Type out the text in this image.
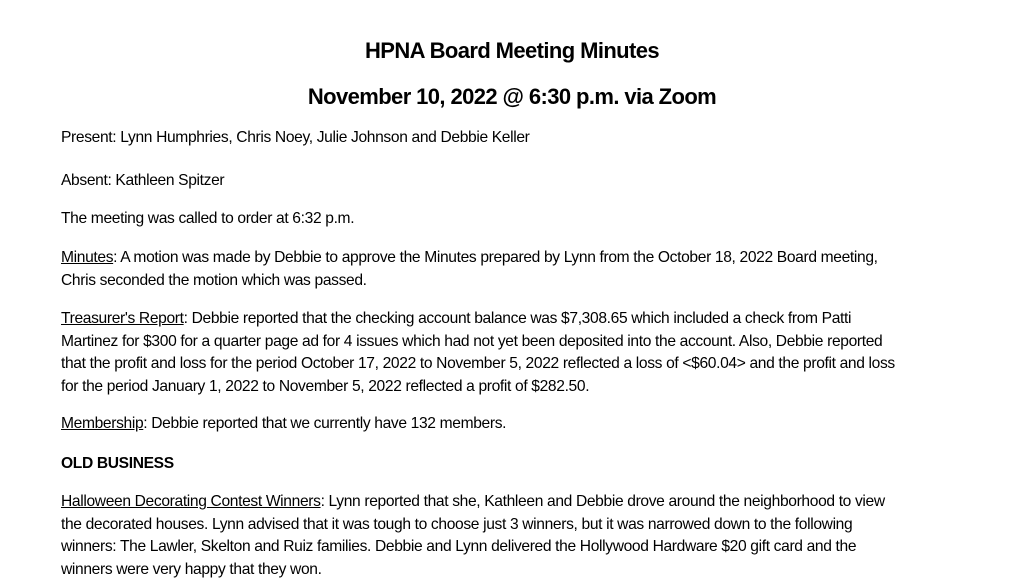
HPNA Board Meeting Minutes
November 10, 2022 @ 6:30 p.m. via Zoom
Present: Lynn Humphries, Chris Noey, Julie Johnson and Debbie Keller
Absent: Kathleen Spitzer
The meeting was called to order at 6:32 p.m.
Minutes: A motion was made by Debbie to approve the Minutes prepared by Lynn from the October 18, 2022 Board meeting,
Chris seconded the motion which was passed.
Treasurer's Report: Debbie reported that the checking account balance was $7,308.65 which included a check from Patti
Martinez for $300 for a quarter page ad for 4 issues which had not yet been deposited into the account. Also, Debbie reported
that the profit and loss for the period October 17, 2022 to November 5, 2022 reflected a loss of <$60.04> and the profit and loss
for the period January 1, 2022 to November 5, 2022 reflected a profit of $282.50.
Membership: Debbie reported that we currently have 132 members.
OLD BUSINESS
Halloween Decorating Contest Winners: Lynn reported that she, Kathleen and Debbie drove around the neighborhood to view
the decorated houses. Lynn advised that it was tough to choose just 3 winners, but it was narrowed down to the following
winners: The Lawler, Skelton and Ruiz families. Debbie and Lynn delivered the Hollywood Hardware $20 gift card and the
winners were very happy that they won.
